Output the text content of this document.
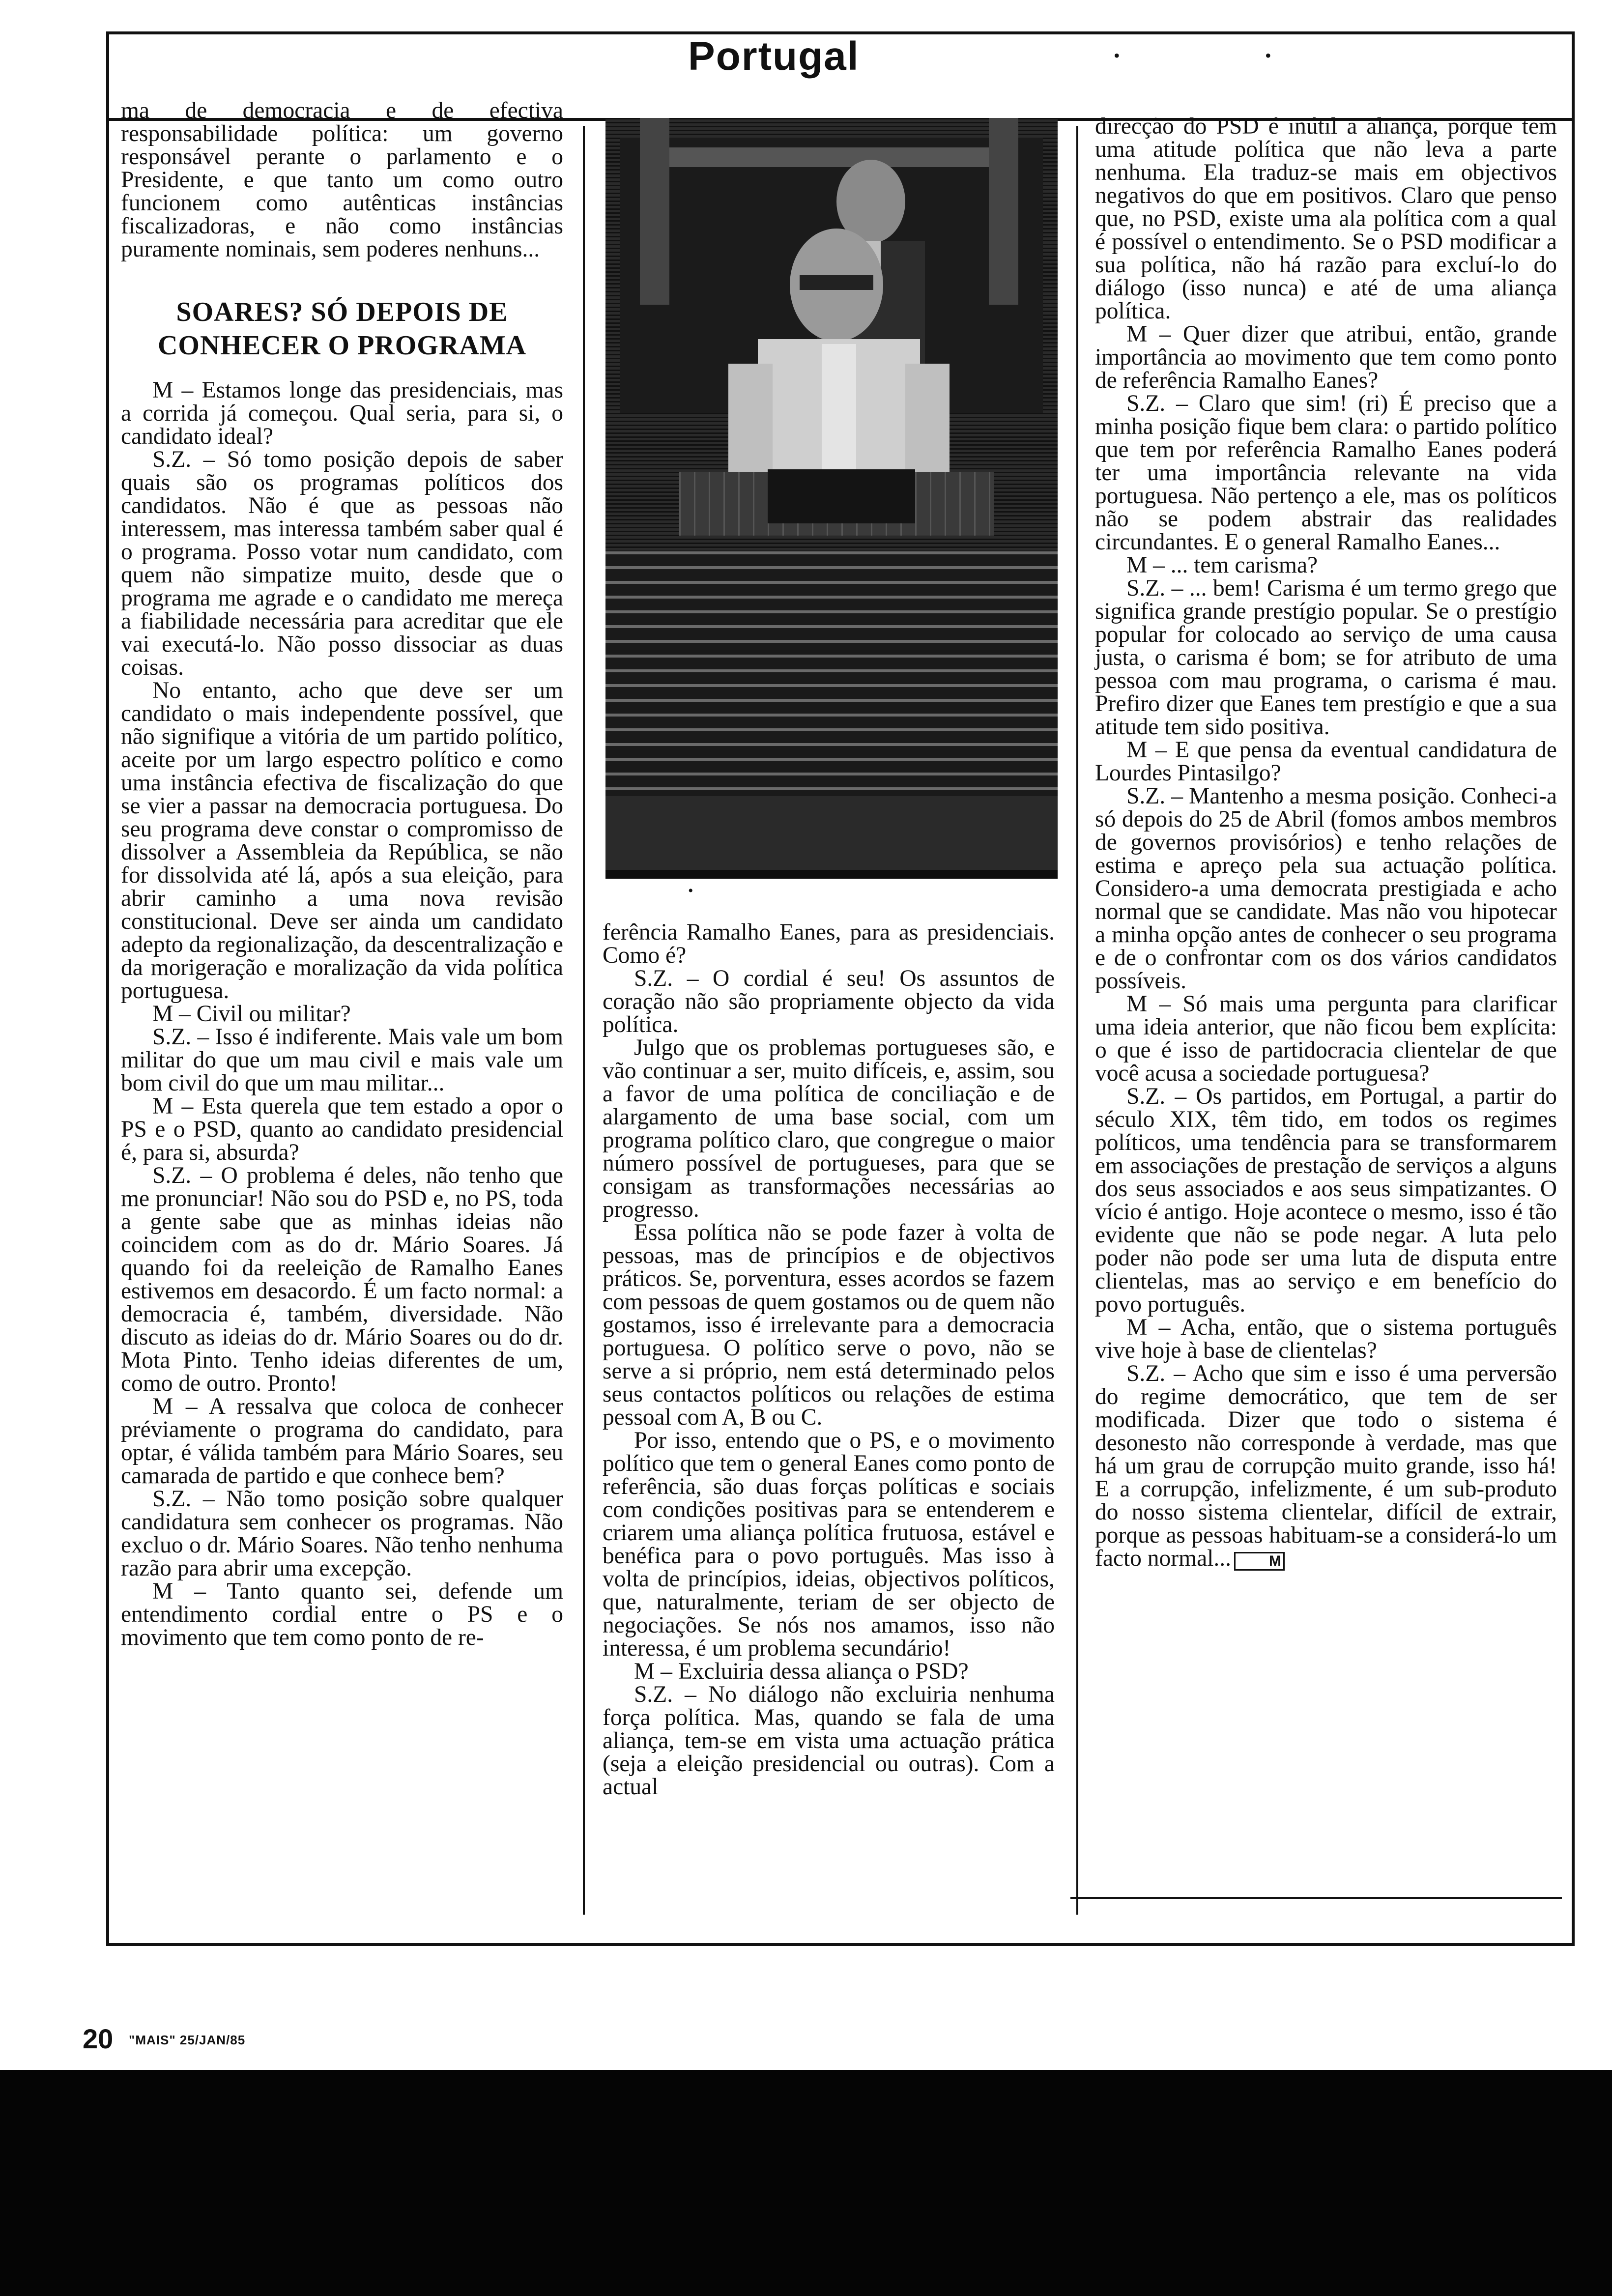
Portugal	•	•

ma de democracia e de efectiva responsabilidade política: um governo responsável perante o parlamento e o Presidente, e que tanto um como outro funcionem como autênticas instâncias fiscalizadoras, e não como instâncias puramente nominais, sem poderes nenhuns...

SOARES? SÓ DEPOIS DE CONHECER O PROGRAMA

M – Estamos longe das presidenciais, mas a corrida já começou. Qual seria, para si, o candidato ideal?

S.Z. – Só tomo posição depois de saber quais são os programas políticos dos candidatos. Não é que as pessoas não interessem, mas interessa também saber qual é o programa. Posso votar num candidato, com quem não simpatize muito, desde que o programa me agrade e o candidato me mereça a fiabilidade necessária para acreditar que ele vai executá-lo. Não posso dissociar as duas coisas.

No entanto, acho que deve ser um candidato o mais independente possível, que não signifique a vitória de um partido político, aceite por um largo espectro político e como uma instância efectiva de fiscalização do que se vier a passar na democracia portuguesa. Do seu programa deve constar o compromisso de dissolver a Assembleia da República, se não for dissolvida até lá, após a sua eleição, para abrir caminho a uma nova revisão constitucional. Deve ser ainda um candidato adepto da regionalização, da descentralização e da morigeração e moralização da vida política portuguesa.

M – Civil ou militar?

S.Z. – Isso é indiferente. Mais vale um bom militar do que um mau civil e mais vale um bom civil do que um mau militar...

M – Esta querela que tem estado a opor o PS e o PSD, quanto ao candidato presidencial é, para si, absurda?

S.Z. – O problema é deles, não tenho que me pronunciar! Não sou do PSD e, no PS, toda a gente sabe que as minhas ideias não coincidem com as do dr. Mário Soares. Já quando foi da reeleição de Ramalho Eanes estivemos em desacordo. É um facto normal: a democracia é, também, diversidade. Não discuto as ideias do dr. Mário Soares ou do dr. Mota Pinto. Tenho ideias diferentes de um, como de outro. Pronto!

M – A ressalva que coloca de conhecer préviamente o programa do candidato, para optar, é válida também para Mário Soares, seu camarada de partido e que conhece bem?

S.Z. – Não tomo posição sobre qualquer candidatura sem conhecer os programas. Não excluo o dr. Mário Soares. Não tenho nenhuma razão para abrir uma excepção.

M – Tanto quanto sei, defende um entendimento cordial entre o PS e o movimento que tem como ponto de re-

ferência Ramalho Eanes, para as presidenciais. Como é?

S.Z. – O cordial é seu! Os assuntos de coração não são propriamente objecto da vida política.

Julgo que os problemas portugueses são, e vão continuar a ser, muito difíceis, e, assim, sou a favor de uma política de conciliação e de alargamento de uma base social, com um programa político claro, que congregue o maior número possível de portugueses, para que se consigam as transformações necessárias ao progresso.

Essa política não se pode fazer à volta de pessoas, mas de princípios e de objectivos práticos. Se, porventura, esses acordos se fazem com pessoas de quem gostamos ou de quem não gostamos, isso é irrelevante para a democracia portuguesa. O político serve o povo, não se serve a si próprio, nem está determinado pelos seus contactos políticos ou relações de estima pessoal com A, B ou C.

Por isso, entendo que o PS, e o movimento político que tem o general Eanes como ponto de referência, são duas forças políticas e sociais com condições positivas para se entenderem e criarem uma aliança política frutuosa, estável e benéfica para o povo português. Mas isso à volta de princípios, ideias, objectivos políticos, que, naturalmente, teriam de ser objecto de negociações. Se nós nos amamos, isso não interessa, é um problema secundário!

M – Excluiria dessa aliança o PSD?

S.Z. – No diálogo não excluiria nenhuma força política. Mas, quando se fala de uma aliança, tem-se em vista uma actuação prática (seja a eleição presidencial ou outras). Com a actual

•

direcção do PSD é inútil a aliança, porque tem uma atitude política que não leva a parte nenhuma. Ela traduz-se mais em objectivos negativos do que em positivos. Claro que penso que, no PSD, existe uma ala política com a qual é possível o entendimento. Se o PSD modificar a sua política, não há razão para excluí-lo do diálogo (isso nunca) e até de uma aliança política.

M – Quer dizer que atribui, então, grande importância ao movimento que tem como ponto de referência Ramalho Eanes?

S.Z. – Claro que sim! (ri) É preciso que a minha posição fique bem clara: o partido político que tem por referência Ramalho Eanes poderá ter uma importância relevante na vida portuguesa. Não pertenço a ele, mas os políticos não se podem abstrair das realidades circundantes. E o general Ramalho Eanes...

M – ... tem carisma?

S.Z. – ... bem! Carisma é um termo grego que significa grande prestígio popular. Se o prestígio popular for colocado ao serviço de uma causa justa, o carisma é bom; se for atributo de uma pessoa com mau programa, o carisma é mau. Prefiro dizer que Eanes tem prestígio e que a sua atitude tem sido positiva.

M – E que pensa da eventual candidatura de Lourdes Pintasilgo?

S.Z. – Mantenho a mesma posição. Conheci-a só depois do 25 de Abril (fomos ambos membros de governos provisórios) e tenho relações de estima e apreço pela sua actuação política. Considero-a uma democrata prestigiada e acho normal que se candidate. Mas não vou hipotecar a minha opção antes de conhecer o seu programa e de o confrontar com os dos vários candidatos possíveis.

M – Só mais uma pergunta para clarificar uma ideia anterior, que não ficou bem explícita: o que é isso de partidocracia clientelar de que você acusa a sociedade portuguesa?

S.Z. – Os partidos, em Portugal, a partir do século XIX, têm tido, em todos os regimes políticos, uma tendência para se transformarem em associações de prestação de serviços a alguns dos seus associados e aos seus simpatizantes. O vício é antigo. Hoje acontece o mesmo, isso é tão evidente que não se pode negar. A luta pelo poder não pode ser uma luta de disputa entre clientelas, mas ao serviço e em benefício do povo português.

M – Acha, então, que o sistema português vive hoje à base de clientelas?

S.Z. – Acho que sim e isso é uma perversão do regime democrático, que tem de ser modificada. Dizer que todo o sistema é desonesto não corresponde à verdade, mas que há um grau de corrupção muito grande, isso há! E a corrupção, infelizmente, é um sub-produto do nosso sistema clientelar, difícil de extrair, porque as pessoas habituam-se a considerá-lo um facto normal...	M

20 "MAIS" 25/JAN/85
